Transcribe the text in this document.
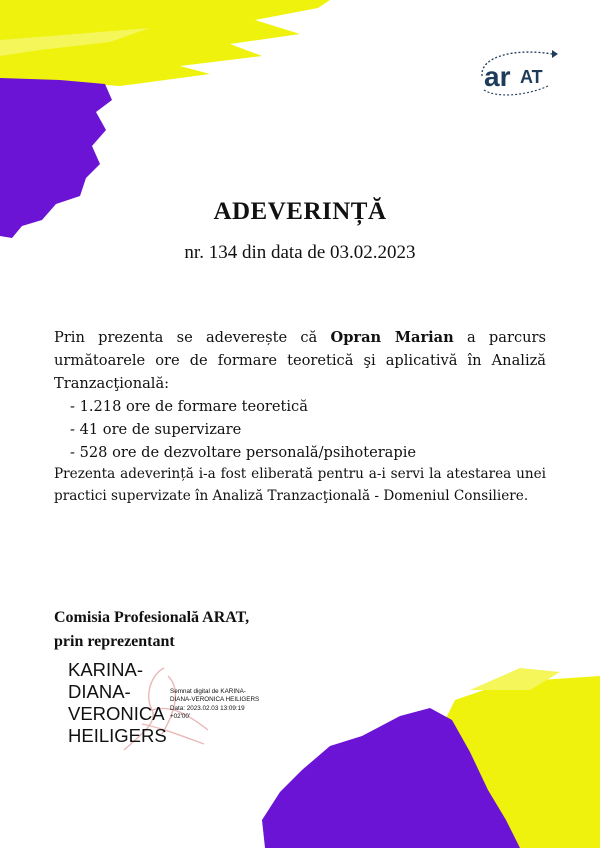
ar AT
ADEVERINȚĂ
nr. 134 din data de 03.02.2023
Prin prezenta se adeverește că Opran Marian a parcurs următoarele ore de formare teoretică şi aplicativă în Analiză Tranzacţională:
- 1.218 ore de formare teoretică
- 41 ore de supervizare
- 528 ore de dezvoltare personală/psihoterapie
Prezenta adeverință i-a fost eliberată pentru a-i servi la atestarea unei practici supervizate în Analiză Tranzacţională - Domeniul Consiliere.
Comisia Profesională ARAT,
prin reprezentant
KARINA-
DIANA-
VERONICA
HEILIGERS
Semnat digital de KARINA-
DIANA-VERONICA HEILIGERS
Data: 2023.02.03 13:09:19
+02'00'
